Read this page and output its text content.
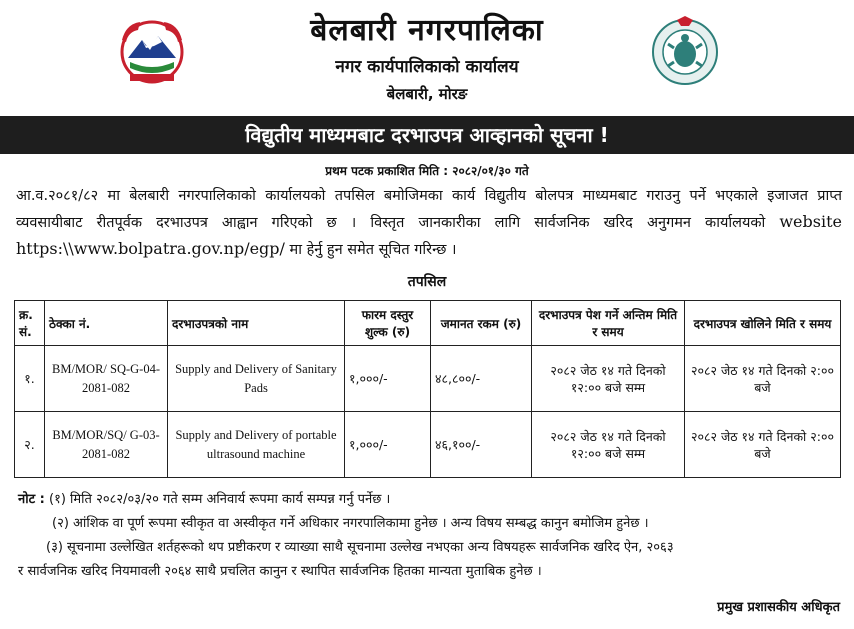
बेलबारी नगरपालिका
नगर कार्यपालिकाको कार्यालय
बेलबारी, मोरङ
विद्युतीय माध्यमबाट दरभाउपत्र आव्हानको सूचना !
प्रथम पटक प्रकाशित मिति : २०८२/०१/३० गते
आ.व.२०८१/८२ मा बेलबारी नगरपालिकाको कार्यालयको तपसिल बमोजिमका कार्य विद्युतीय बोलपत्र माध्यमबाट गराउनु पर्ने भएकाले इजाजत प्राप्त व्यवसायीबाट रीतपूर्वक दरभाउपत्र आह्वान गरिएको छ । विस्तृत जानकारीका लागि सार्वजनिक खरिद अनुगमन कार्यालयको website https:\\www.bolpatra.gov.np/egp/ मा हेर्नु हुन समेत सूचित गरिन्छ ।
तपसिल
क्र. सं.	ठेक्का नं.	दरभाउपत्रको नाम	फारम दस्तुर शुल्क (रु)	जमानत रकम (रु)	दरभाउपत्र पेश गर्ने अन्तिम मिति र समय	दरभाउपत्र खोलिने मिति र समय
१.	BM/MOR/ SQ-G-04-2081-082	Supply and Delivery of Sanitary Pads	१,०००/-	४८,८००/-	२०८२ जेठ १४ गते दिनको १२:०० बजे सम्म	२०८२ जेठ १४ गते दिनको २:०० बजे
२.	BM/MOR/SQ/ G-03-2081-082	Supply and Delivery of portable ultrasound machine	१,०००/-	४६,१००/-	२०८२ जेठ १४ गते दिनको १२:०० बजे सम्म	२०८२ जेठ १४ गते दिनको २:०० बजे
नोट : (१) मिति २०८२/०३/२० गते सम्म अनिवार्य रूपमा कार्य सम्पन्न गर्नु पर्नेछ ।
(२) आंशिक वा पूर्ण रूपमा स्वीकृत वा अस्वीकृत गर्ने अधिकार नगरपालिकामा हुनेछ । अन्य विषय सम्बद्ध कानुन बमोजिम हुनेछ ।
(३) सूचनामा उल्लेखित शर्तहरूको थप प्रष्टीकरण र व्याख्या साथै सूचनामा उल्लेख नभएका अन्य विषयहरू सार्वजनिक खरिद ऐन, २०६३
र सार्वजनिक खरिद नियमावली २०६४ साथै प्रचलित कानुन र स्थापित सार्वजनिक हितका मान्यता मुताबिक हुनेछ ।
प्रमुख प्रशासकीय अधिकृत
